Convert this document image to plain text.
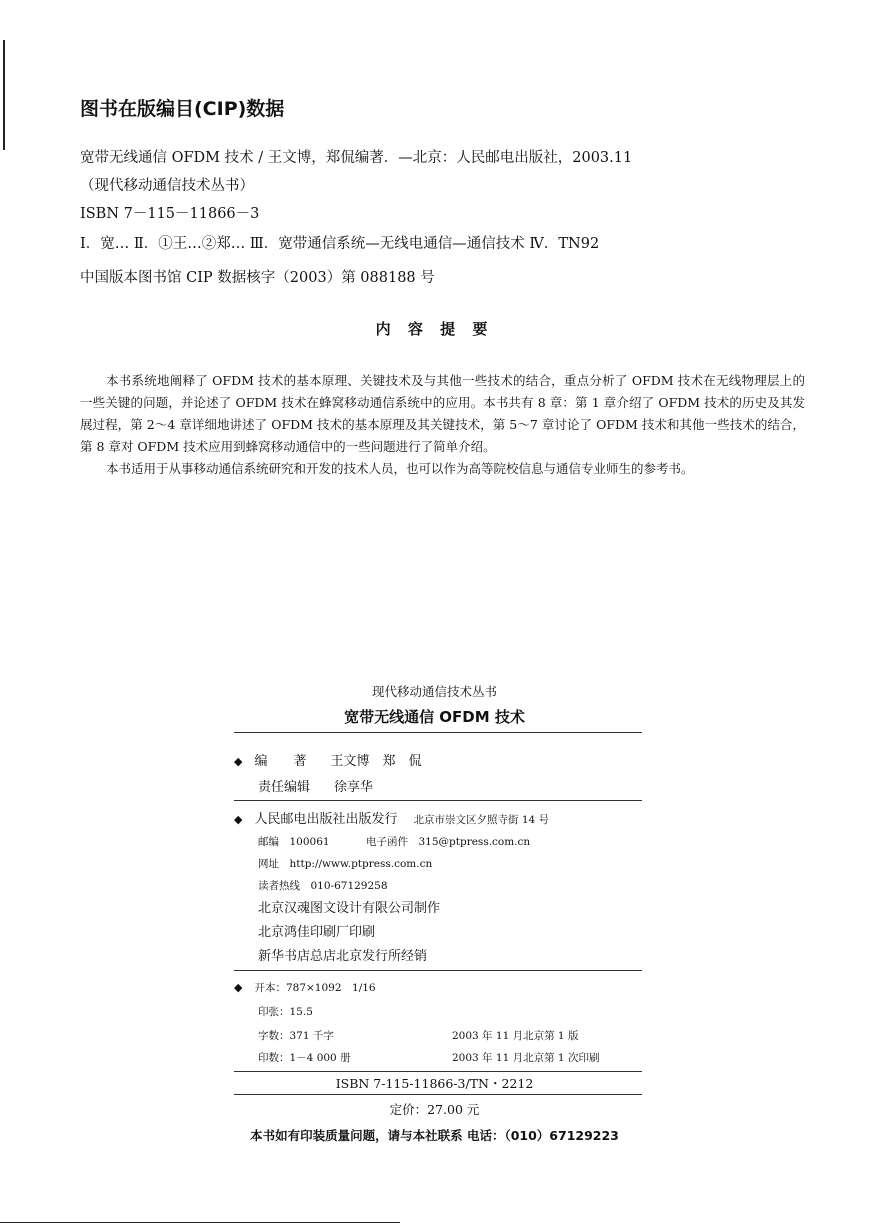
图书在版编目(CIP)数据
宽带无线通信 OFDM 技术 / 王文博，郑侃编著．—北京：人民邮电出版社，2003.11
（现代移动通信技术丛书）
ISBN 7－115－11866－3
Ⅰ．宽… Ⅱ．①王…②郑… Ⅲ．宽带通信系统—无线电通信—通信技术 Ⅳ．TN92
中国版本图书馆 CIP 数据核字（2003）第 088188 号
内 容 提 要

本书系统地阐释了 OFDM 技术的基本原理、关键技术及与其他一些技术的结合，重点分析了 OFDM 技术在无线物理层上的一些关键的问题，并论述了 OFDM 技术在蜂窝移动通信系统中的应用。本书共有 8 章：第 1 章介绍了 OFDM 技术的历史及其发展过程，第 2～4 章详细地讲述了 OFDM 技术的基本原理及其关键技术，第 5～7 章讨论了 OFDM 技术和其他一些技术的结合，第 8 章对 OFDM 技术应用到蜂窝移动通信中的一些问题进行了简单介绍。

本书适用于从事移动通信系统研究和开发的技术人员，也可以作为高等院校信息与通信专业师生的参考书。

现代移动通信技术丛书
宽带无线通信 OFDM 技术
◆ 编　　著 王文博　郑　侃
责任编辑 徐享华
◆ 人民邮电出版社出版发行 北京市崇文区夕照寺街 14 号
邮编　100061	电子函件　315@ptpress.com.cn
网址　http://www.ptpress.com.cn
读者热线　010-67129258
北京汉魂图文设计有限公司制作
北京鸿佳印刷厂印刷
新华书店总店北京发行所经销
◆ 开本：787×1092　1/16
印张：15.5
字数：371 千字	2003 年 11 月北京第 1 版
印数：1－4 000 册	2003 年 11 月北京第 1 次印刷
ISBN 7-115-11866-3/TN・2212
定价：27.00 元
本书如有印装质量问题，请与本社联系 电话：（010）67129223
